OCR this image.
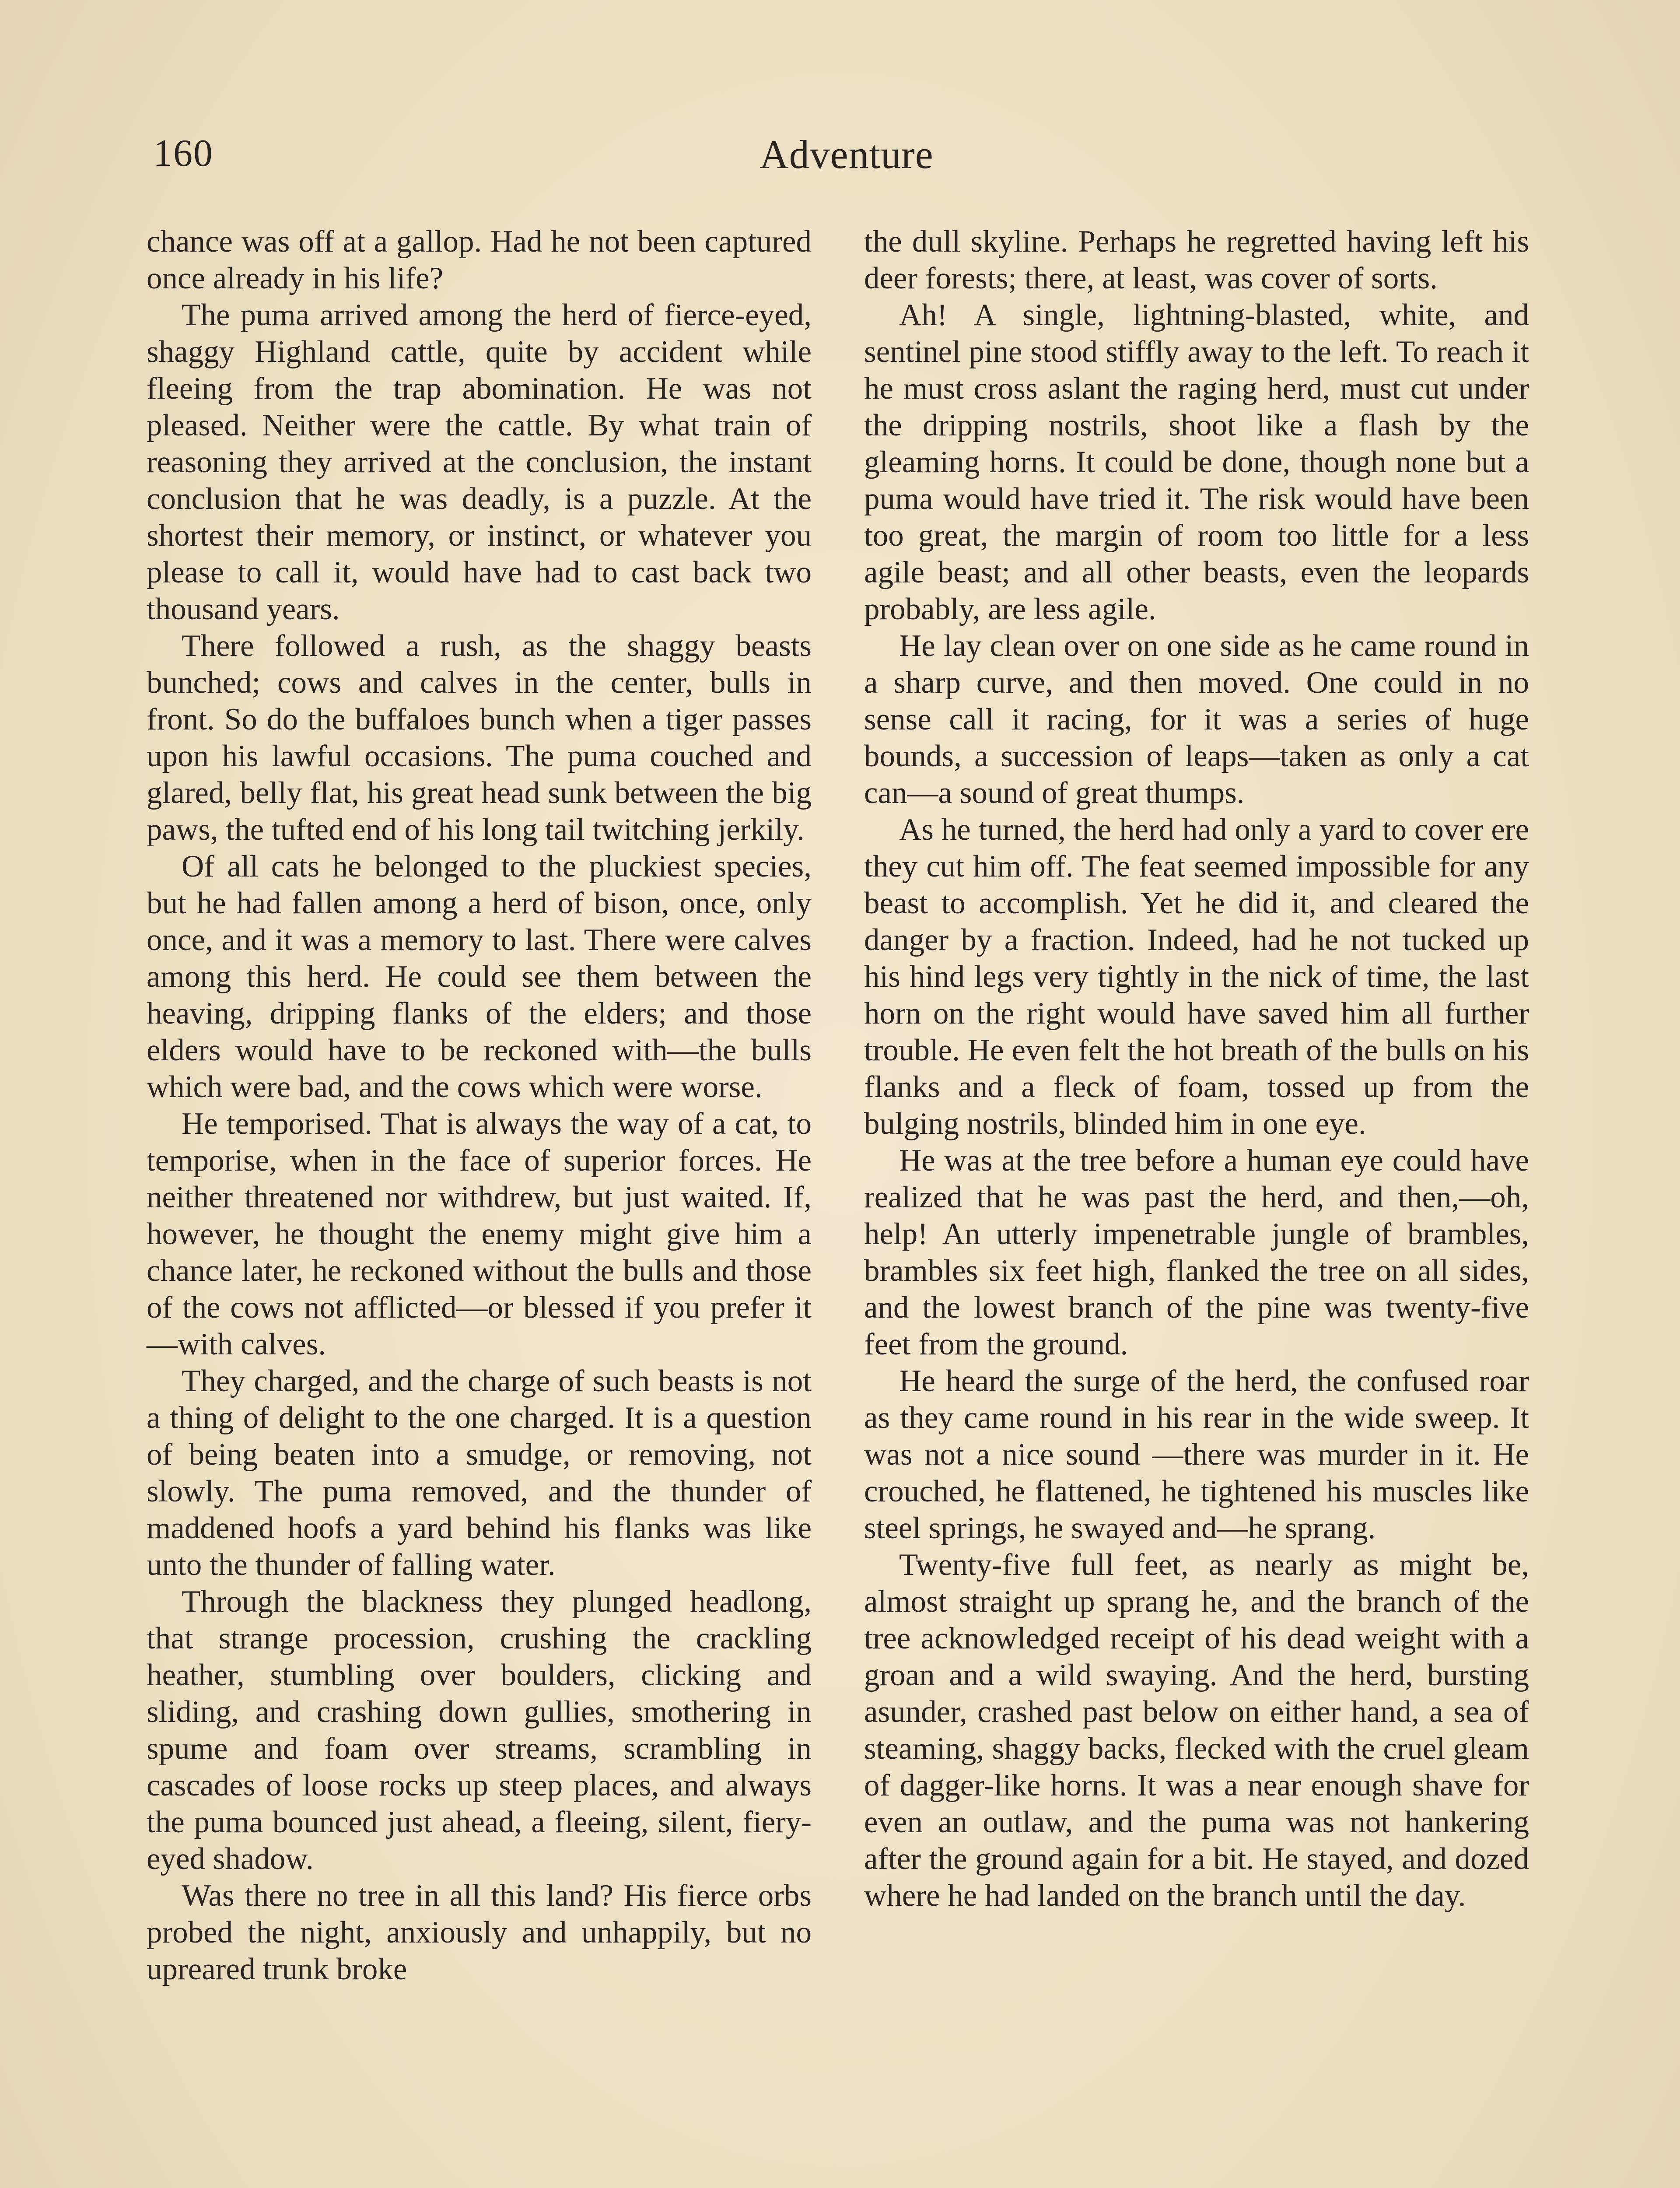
160	Adventure

chance was off at a gallop. Had he not been captured once already in his life?

The puma arrived among the herd of fierce-eyed, shaggy Highland cattle, quite by accident while fleeing from the trap abomination. He was not pleased. Neither were the cattle. By what train of reasoning they arrived at the conclusion, the instant conclusion that he was deadly, is a puzzle. At the shortest their memory, or instinct, or whatever you please to call it, would have had to cast back two thousand years.

There followed a rush, as the shaggy beasts bunched; cows and calves in the center, bulls in front. So do the buffaloes bunch when a tiger passes upon his lawful occasions. The puma couched and glared, belly flat, his great head sunk between the big paws, the tufted end of his long tail twitching jerkily.

Of all cats he belonged to the pluckiest species, but he had fallen among a herd of bison, once, only once, and it was a memory to last. There were calves among this herd. He could see them between the heaving, dripping flanks of the elders; and those elders would have to be reckoned with—the bulls which were bad, and the cows which were worse.

He temporised. That is always the way of a cat, to temporise, when in the face of superior forces. He neither threatened nor withdrew, but just waited. If, however, he thought the enemy might give him a chance later, he reckoned without the bulls and those of the cows not afflicted—or blessed if you prefer it—with calves.

They charged, and the charge of such beasts is not a thing of delight to the one charged. It is a question of being beaten into a smudge, or removing, not slowly. The puma removed, and the thunder of maddened hoofs a yard behind his flanks was like unto the thunder of falling water.

Through the blackness they plunged headlong, that strange procession, crushing the crackling heather, stumbling over boulders, clicking and sliding, and crashing down gullies, smothering in spume and foam over streams, scrambling in cascades of loose rocks up steep places, and always the puma bounced just ahead, a fleeing, silent, fiery-eyed shadow.

Was there no tree in all this land? His fierce orbs probed the night, anxiously and unhappily, but no upreared trunk broke

the dull skyline. Perhaps he regretted having left his deer forests; there, at least, was cover of sorts.

Ah! A single, lightning-blasted, white, and sentinel pine stood stiffly away to the left. To reach it he must cross aslant the raging herd, must cut under the dripping nostrils, shoot like a flash by the gleaming horns. It could be done, though none but a puma would have tried it. The risk would have been too great, the margin of room too little for a less agile beast; and all other beasts, even the leopards probably, are less agile.

He lay clean over on one side as he came round in a sharp curve, and then moved. One could in no sense call it racing, for it was a series of huge bounds, a succession of leaps—taken as only a cat can—a sound of great thumps.

As he turned, the herd had only a yard to cover ere they cut him off. The feat seemed impossible for any beast to accomplish. Yet he did it, and cleared the danger by a fraction. Indeed, had he not tucked up his hind legs very tightly in the nick of time, the last horn on the right would have saved him all further trouble. He even felt the hot breath of the bulls on his flanks and a fleck of foam, tossed up from the bulging nostrils, blinded him in one eye.

He was at the tree before a human eye could have realized that he was past the herd, and then,—oh, help! An utterly impenetrable jungle of brambles, brambles six feet high, flanked the tree on all sides, and the lowest branch of the pine was twenty-five feet from the ground.

He heard the surge of the herd, the confused roar as they came round in his rear in the wide sweep. It was not a nice sound —there was murder in it. He crouched, he flattened, he tightened his muscles like steel springs, he swayed and—he sprang.

Twenty-five full feet, as nearly as might be, almost straight up sprang he, and the branch of the tree acknowledged receipt of his dead weight with a groan and a wild swaying. And the herd, bursting asunder, crashed past below on either hand, a sea of steaming, shaggy backs, flecked with the cruel gleam of dagger-like horns. It was a near enough shave for even an outlaw, and the puma was not hankering after the ground again for a bit. He stayed, and dozed where he had landed on the branch until the day.
